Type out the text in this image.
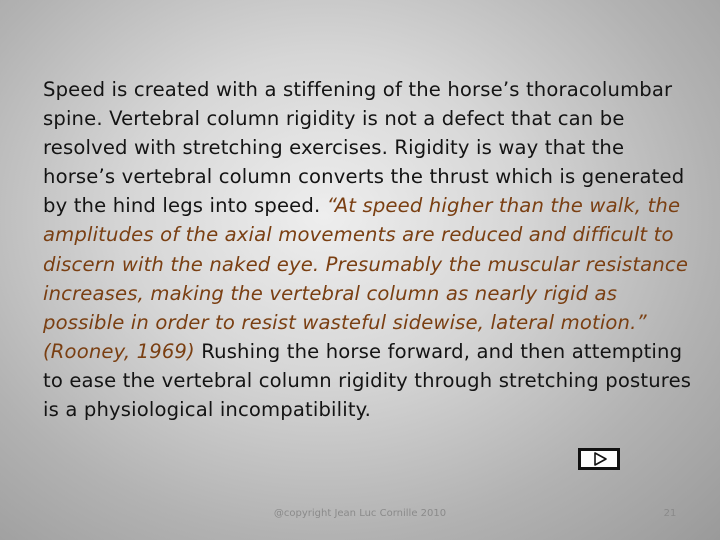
Speed is created with a stiffening of the horse’s thoracolumbar spine. Vertebral column rigidity is not a defect that can be resolved with stretching exercises. Rigidity is way that the horse’s vertebral column converts the thrust which is generated by the hind legs into speed. “At speed higher than the walk, the amplitudes of the axial movements are reduced and difficult to discern with the naked eye. Presumably the muscular resistance increases, making the vertebral column as nearly rigid as possible in order to resist wasteful sidewise, lateral motion.” (Rooney, 1969) Rushing the horse forward, and then attempting to ease the vertebral column rigidity through stretching postures is a physiological incompatibility.
@copyright Jean Luc Cornille 2010	21
